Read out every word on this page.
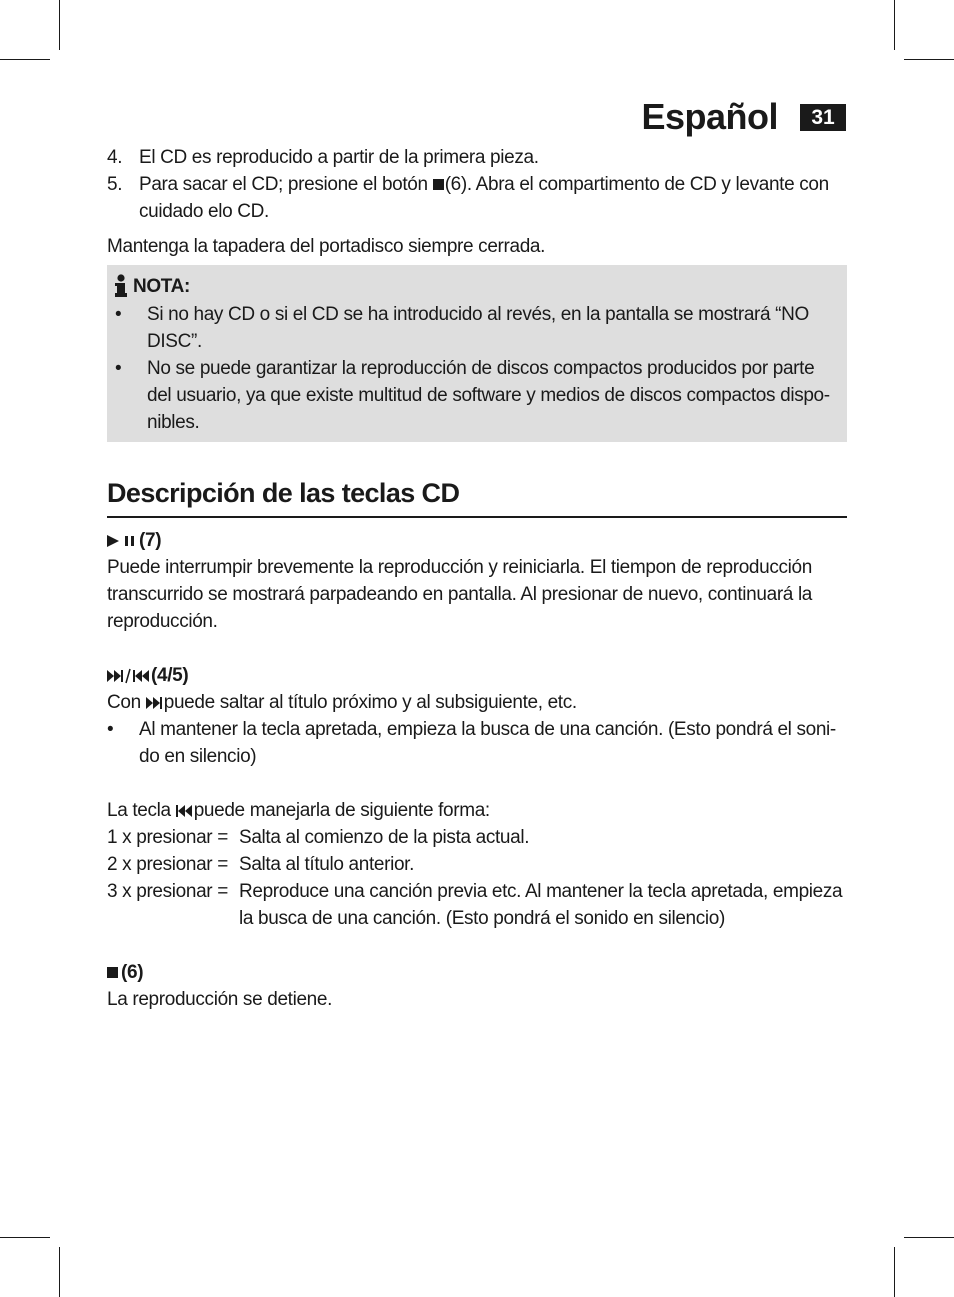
Español	31
4. El CD es reproducido a partir de la primera pieza.
5. Para sacar el CD; presione el botón (6). Abra el compartimento de CD y levante con
cuidado elo CD.
Mantenga la tapadera del portadisco siempre cerrada.
NOTA:
• Si no hay CD o si el CD se ha introducido al revés, en la pantalla se mostrará “NO
DISC”.
• No se puede garantizar la reproducción de discos compactos producidos por parte
del usuario, ya que existe multitud de software y medios de discos compactos dispo-
nibles.
Descripción de las teclas CD
(7)
Puede interrumpir brevemente la reproducción y reiniciarla. El tiempon de reproducción
transcurrido se mostrará parpadeando en pantalla. Al presionar de nuevo, continuará la
reproducción.
(4/5)
Con puede saltar al título próximo y al subsiguiente, etc.
• Al mantener la tecla apretada, empieza la busca de una canción. (Esto pondrá el soni-
do en silencio)
La tecla puede manejarla de siguiente forma:
1 x presionar = Salta al comienzo de la pista actual.
2 x presionar = Salta al título anterior.
3 x presionar = Reproduce una canción previa etc. Al mantener la tecla apretada, empieza
la busca de una canción. (Esto pondrá el sonido en silencio)
(6)
La reproducción se detiene.
